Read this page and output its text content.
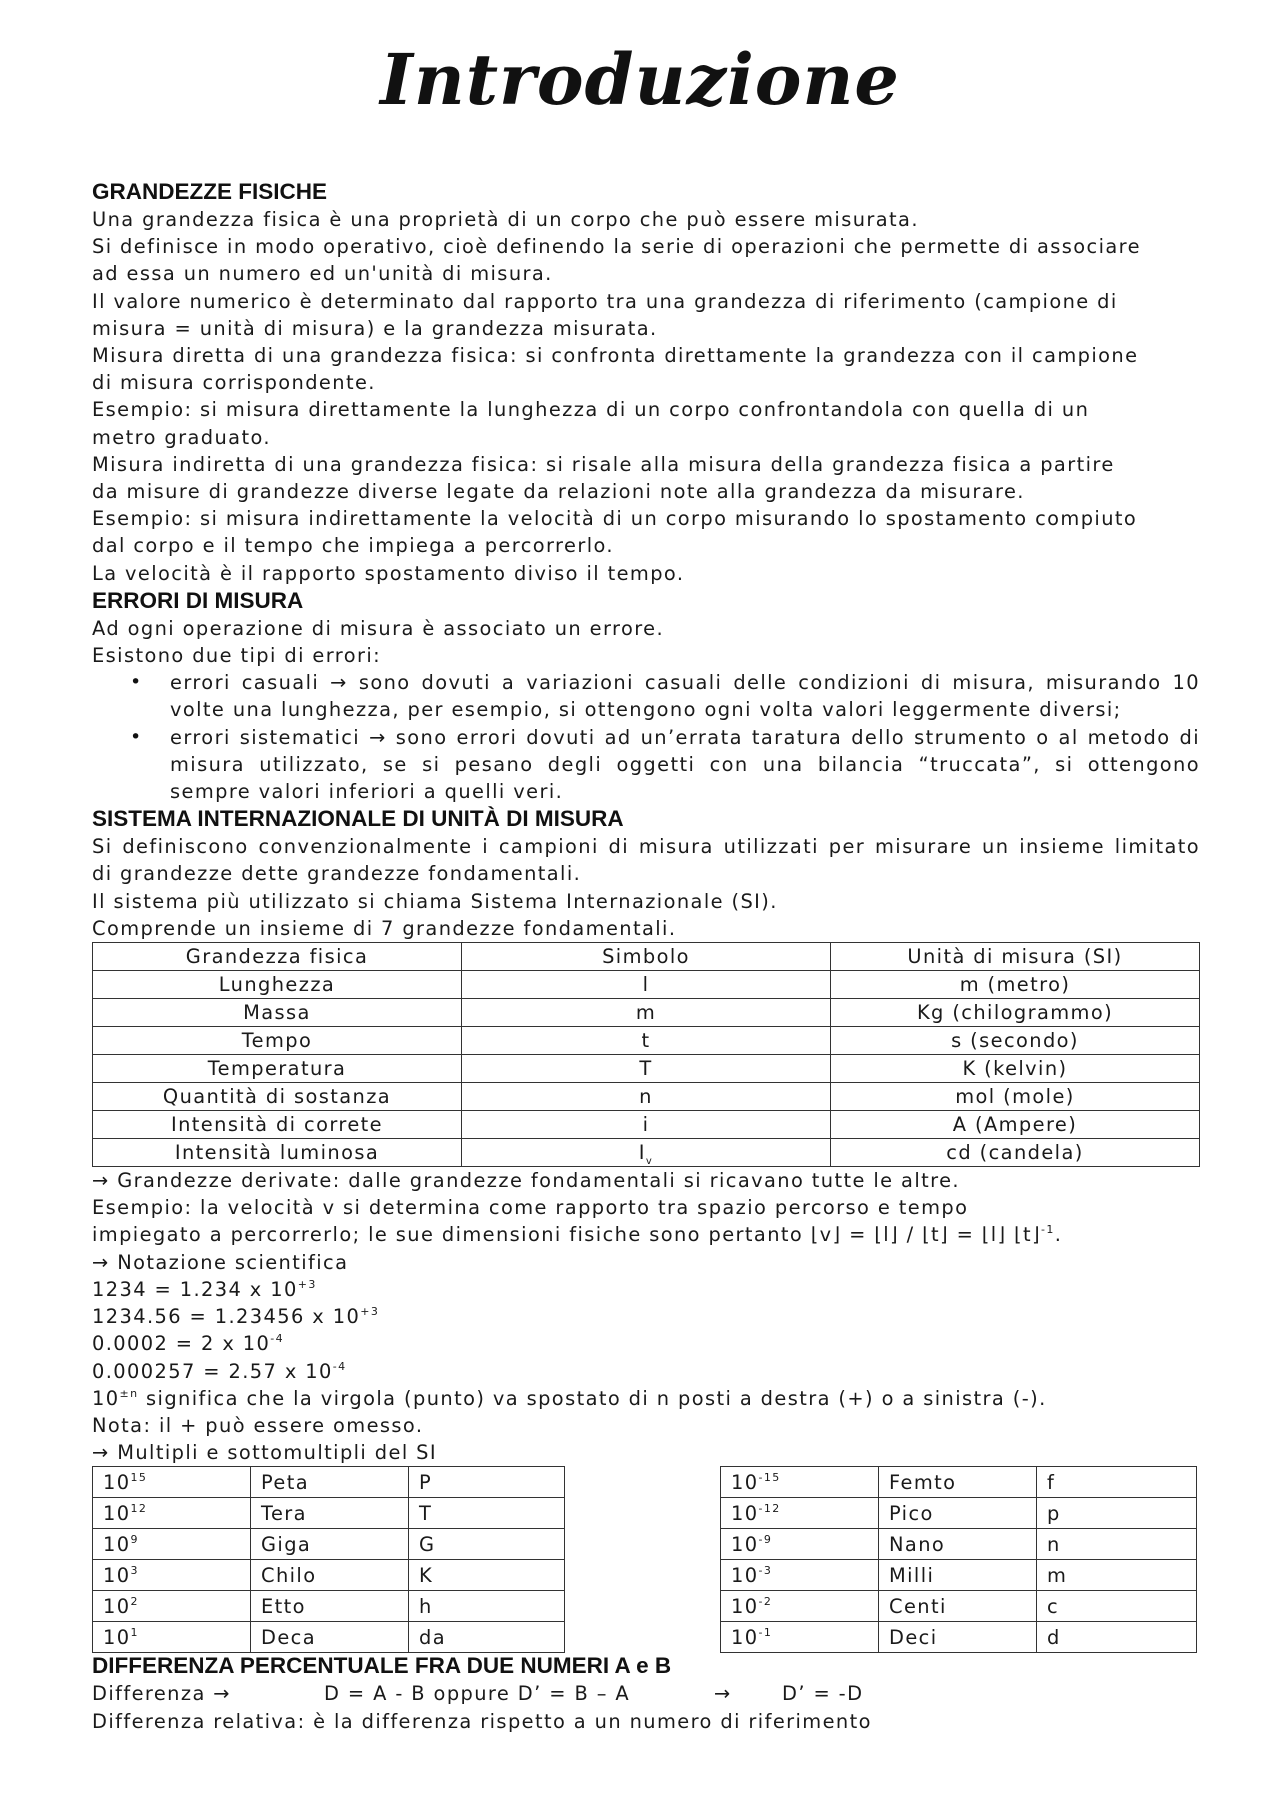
Introduzione
GRANDEZZE FISICHE
Una grandezza fisica è una proprietà di un corpo che può essere misurata.
Si definisce in modo operativo, cioè definendo la serie di operazioni che permette di associare
ad essa un numero ed un'unità di misura.
Il valore numerico è determinato dal rapporto tra una grandezza di riferimento (campione di
misura = unità di misura) e la grandezza misurata.
Misura diretta di una grandezza fisica: si confronta direttamente la grandezza con il campione
di misura corrispondente.
Esempio: si misura direttamente la lunghezza di un corpo confrontandola con quella di un
metro graduato.
Misura indiretta di una grandezza fisica: si risale alla misura della grandezza fisica a partire
da misure di grandezze diverse legate da relazioni note alla grandezza da misurare.
Esempio: si misura indirettamente la velocità di un corpo misurando lo spostamento compiuto
dal corpo e il tempo che impiega a percorrerlo.
La velocità è il rapporto spostamento diviso il tempo.
ERRORI DI MISURA
Ad ogni operazione di misura è associato un errore.
Esistono due tipi di errori:
•	errori casuali → sono dovuti a variazioni casuali delle condizioni di misura, misurando 10 volte una lunghezza, per esempio, si ottengono ogni volta valori leggermente diversi;
•	errori sistematici → sono errori dovuti ad un’errata taratura dello strumento o al metodo di misura utilizzato, se si pesano degli oggetti con una bilancia “truccata”, si ottengono sempre valori inferiori a quelli veri.
SISTEMA INTERNAZIONALE DI UNITÀ DI MISURA
Si definiscono convenzionalmente i campioni di misura utilizzati per misurare un insieme limitato di grandezze dette grandezze fondamentali.
Il sistema più utilizzato si chiama Sistema Internazionale (SI).
Comprende un insieme di 7 grandezze fondamentali.
Grandezza fisica	Simbolo	Unità di misura (SI)
Lunghezza	l	m (metro)
Massa	m	Kg (chilogrammo)
Tempo	t	s (secondo)
Temperatura	T	K (kelvin)
Quantità di sostanza	n	mol (mole)
Intensità di correte	i	A (Ampere)
Intensità luminosa	$I_v$	cd (candela)
→ Grandezze derivate: dalle grandezze fondamentali si ricavano tutte le altre.
Esempio: la velocità v si determina come rapporto tra spazio percorso e tempo
impiegato a percorrerlo; le sue dimensioni fisiche sono pertanto ⌊v⌋ = ⌊l⌋ / ⌊t⌋ = ⌊l⌋ ⌊t⌋$^{-1}$.
→ Notazione scientifica
1234 = 1.234 x $10^{+3}$
1234.56 = 1.23456 x $10^{+3}$
0.0002 = 2 x $10^{-4}$
0.000257 = 2.57 x $10^{-4}$
$10^{\pm n}$ significa che la virgola (punto) va spostato di n posti a destra (+) o a sinistra (-).
Nota: il + può essere omesso.
→ Multipli e sottomultipli del SI
$10^{15}$	Peta	P
$10^{12}$	Tera	T
$10^9$	Giga	G
$10^3$	Chilo	K
$10^2$	Etto	h
$10^1$	Deca	da
$10^{-15}$	Femto	f
$10^{-12}$	Pico	p
$10^{-9}$	Nano	n
$10^{-3}$	Milli	m
$10^{-2}$	Centi	c
$10^{-1}$	Deci	d
DIFFERENZA PERCENTUALE FRA DUE NUMERI A e B
Differenza →	D = A - B oppure D’ = B – A	→	D’ = -D
Differenza relativa: è la differenza rispetto a un numero di riferimento
